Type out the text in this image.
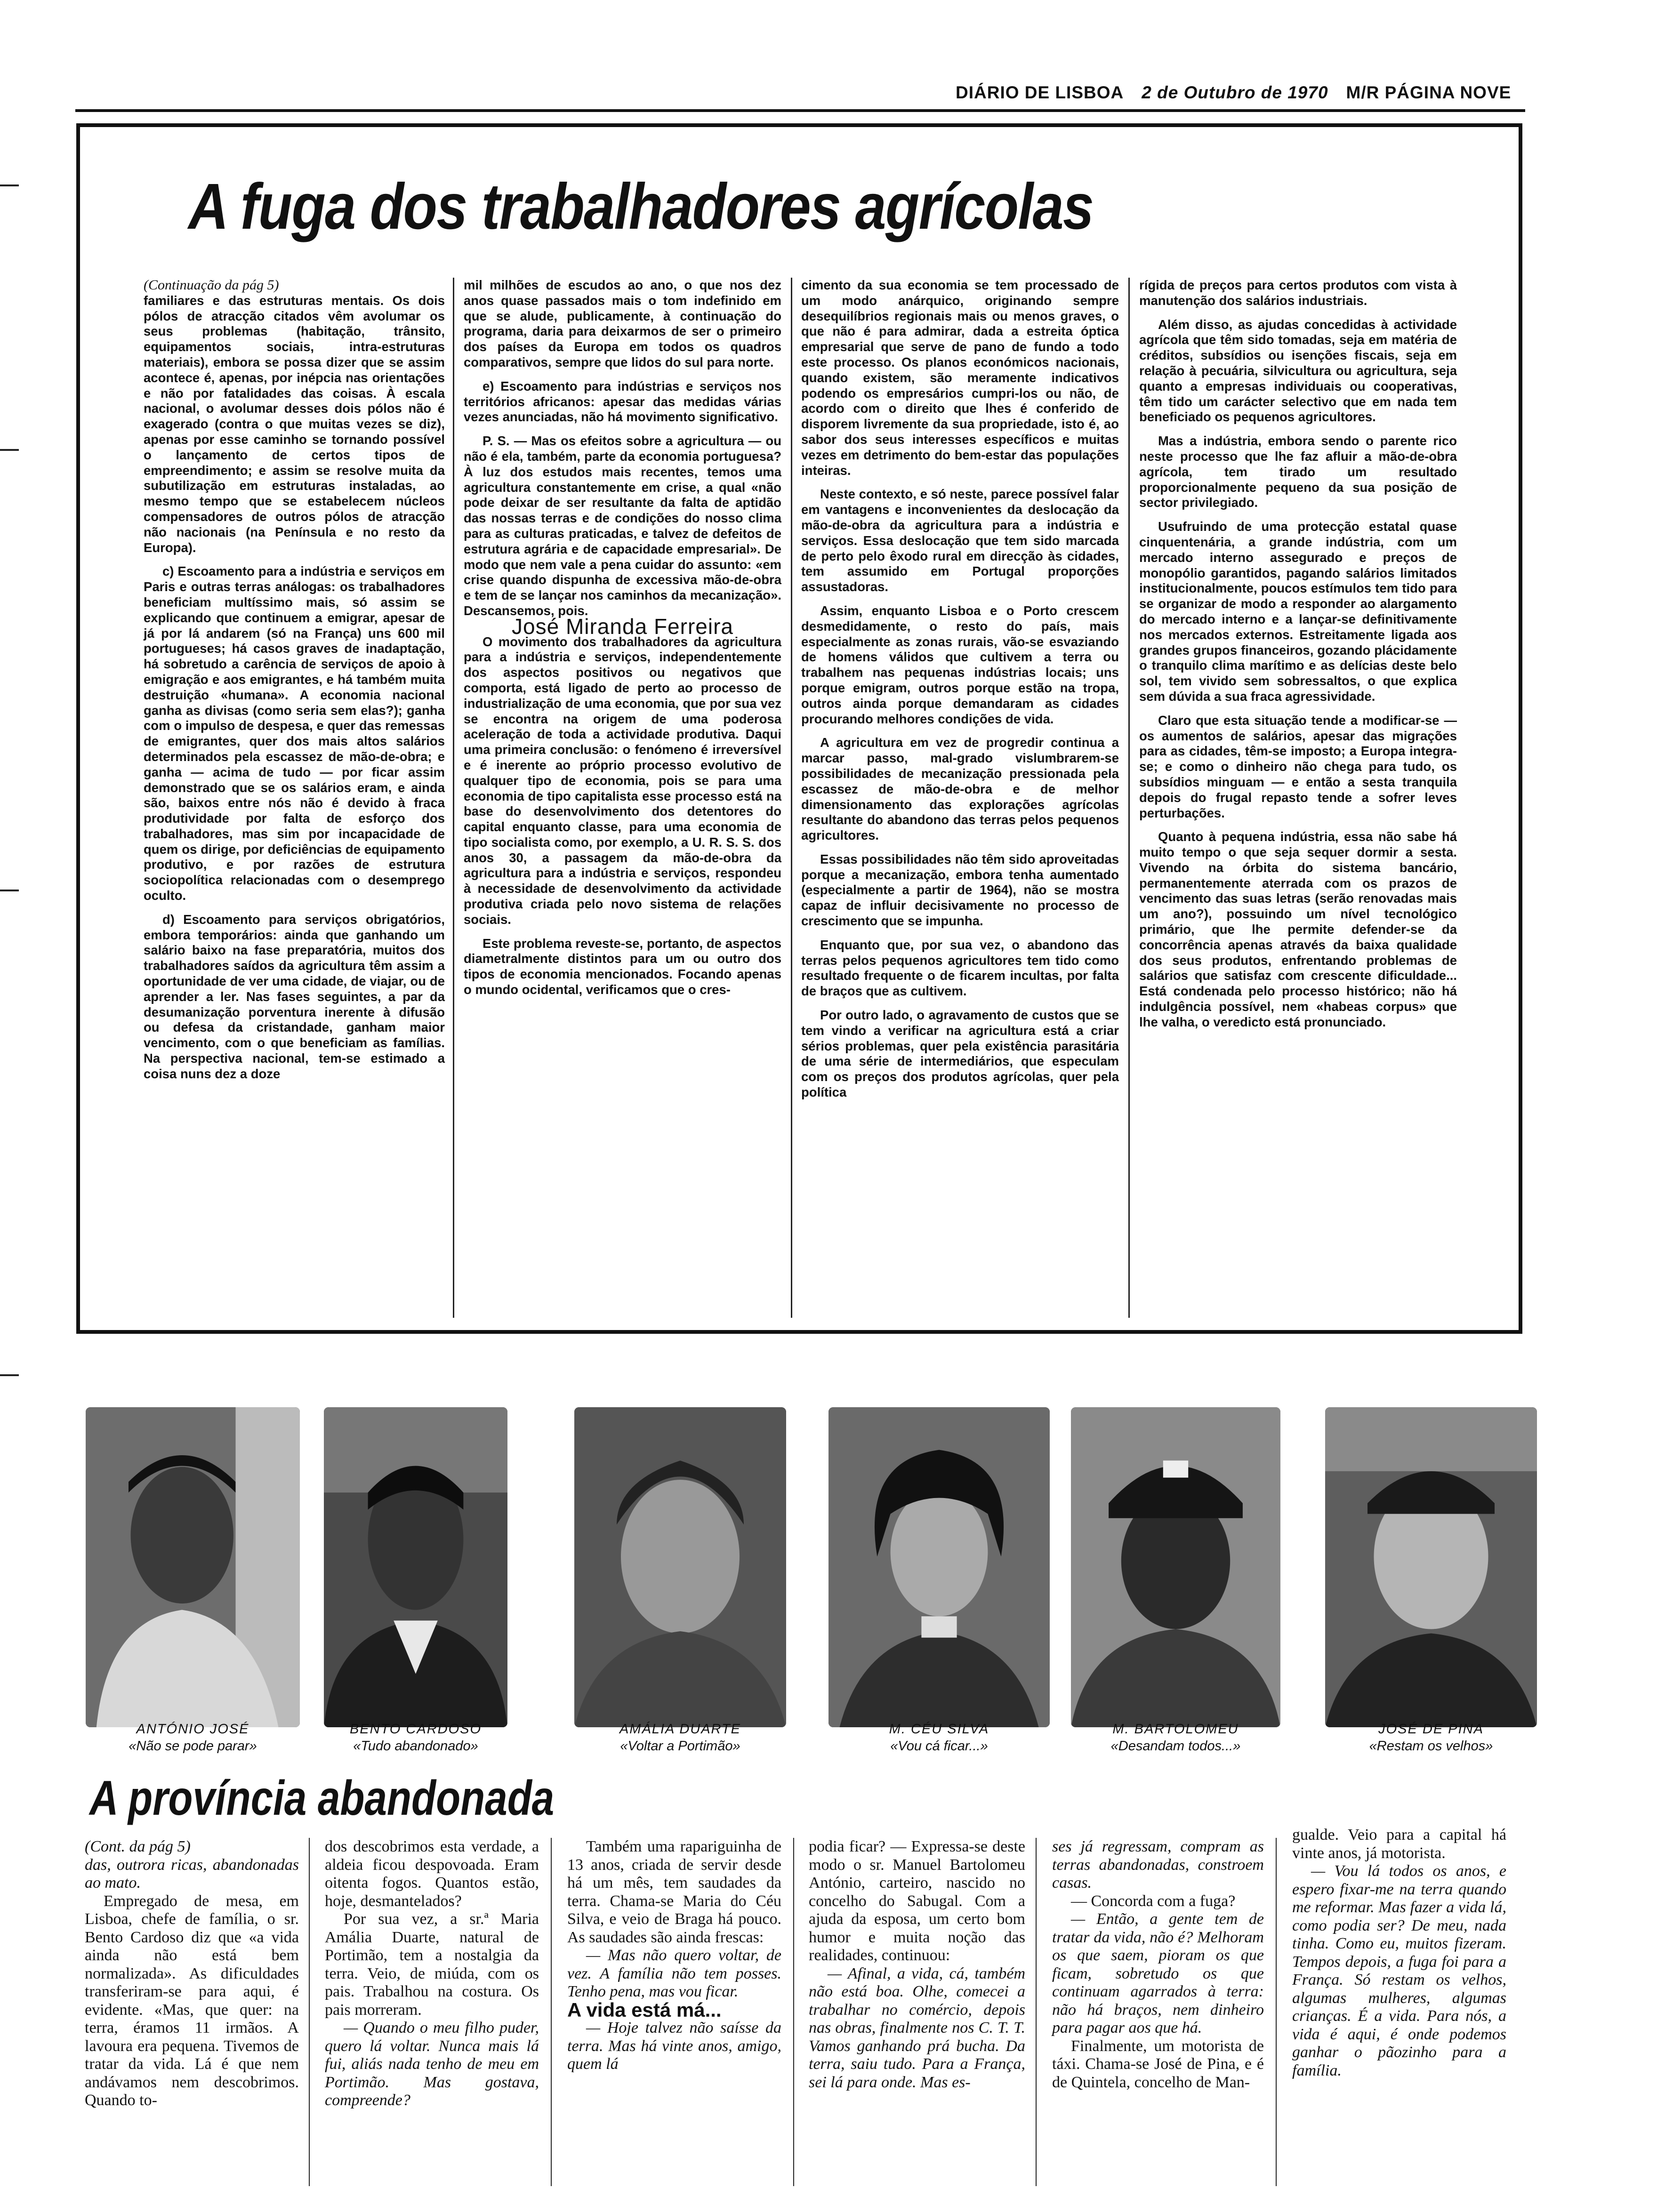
DIÁRIO DE LISBOA 2 de Outubro de 1970 M/R PÁGINA NOVE
A fuga dos trabalhadores agrícolas

(Continuação da pág 5)

familiares e das estruturas mentais. Os dois pólos de atracção citados vêm avolumar os seus problemas (habitação, trânsito, equipamentos sociais, intra-estruturas materiais), embora se possa dizer que se assim acontece é, apenas, por inépcia nas orientações e não por fatalidades das coisas. À escala nacional, o avolumar desses dois pólos não é exagerado (contra o que muitas vezes se diz), apenas por esse caminho se tornando possível o lançamento de certos tipos de empreendimento; e assim se resolve muita da subutilização em estruturas instaladas, ao mesmo tempo que se estabelecem núcleos compensadores de outros pólos de atracção não nacionais (na Península e no resto da Europa).

c) Escoamento para a indústria e serviços em Paris e outras terras análogas: os trabalhadores beneficiam multíssimo mais, só assim se explicando que continuem a emigrar, apesar de já por lá andarem (só na França) uns 600 mil portugueses; há casos graves de inadaptação, há sobretudo a carência de serviços de apoio à emigração e aos emigrantes, e há também muita destruição «humana». A economia nacional ganha as divisas (como seria sem elas?); ganha com o impulso de despesa, e quer das remessas de emigrantes, quer dos mais altos salários determinados pela escassez de mão-de-obra; e ganha — acima de tudo — por ficar assim demonstrado que se os salários eram, e ainda são, baixos entre nós não é devido à fraca produtividade por falta de esforço dos trabalhadores, mas sim por incapacidade de quem os dirige, por deficiências de equipamento produtivo, e por razões de estrutura sociopolítica relacionadas com o desemprego oculto.

d) Escoamento para serviços obrigatórios, embora temporários: ainda que ganhando um salário baixo na fase preparatória, muitos dos trabalhadores saídos da agricultura têm assim a oportunidade de ver uma cidade, de viajar, ou de aprender a ler. Nas fases seguintes, a par da desumanização porventura inerente à difusão ou defesa da cristandade, ganham maior vencimento, com o que beneficiam as famílias. Na perspectiva nacional, tem-se estimado a coisa nuns dez a doze

mil milhões de escudos ao ano, o que nos dez anos quase passados mais o tom indefinido em que se alude, publicamente, à continuação do programa, daria para deixarmos de ser o primeiro dos países da Europa em todos os quadros comparativos, sempre que lidos do sul para norte.

e) Escoamento para indústrias e serviços nos territórios africanos: apesar das medidas várias vezes anunciadas, não há movimento significativo.

P. S. — Mas os efeitos sobre a agricultura — ou não é ela, também, parte da economia portuguesa? À luz dos estudos mais recentes, temos uma agricultura constantemente em crise, a qual «não pode deixar de ser resultante da falta de aptidão das nossas terras e de condições do nosso clima para as culturas praticadas, e talvez de defeitos de estrutura agrária e de capacidade empresarial». De modo que nem vale a pena cuidar do assunto: «em crise quando dispunha de excessiva mão-de-obra e tem de se lançar nos caminhos da mecanização». Descansemos, pois.

José Miranda Ferreira

O movimento dos trabalhadores da agricultura para a indústria e serviços, independentemente dos aspectos positivos ou negativos que comporta, está ligado de perto ao processo de industrialização de uma economia, que por sua vez se encontra na origem de uma poderosa aceleração de toda a actividade produtiva. Daqui uma primeira conclusão: o fenómeno é irreversível e é inerente ao próprio processo evolutivo de qualquer tipo de economia, pois se para uma economia de tipo capitalista esse processo está na base do desenvolvimento dos detentores do capital enquanto classe, para uma economia de tipo socialista como, por exemplo, a U. R. S. S. dos anos 30, a passagem da mão-de-obra da agricultura para a indústria e serviços, respondeu à necessidade de desenvolvimento da actividade produtiva criada pelo novo sistema de relações sociais.

Este problema reveste-se, portanto, de aspectos diametralmente distintos para um ou outro dos tipos de economia mencionados. Focando apenas o mundo ocidental, verificamos que o cres-

cimento da sua economia se tem processado de um modo anárquico, originando sempre desequilíbrios regionais mais ou menos graves, o que não é para admirar, dada a estreita óptica empresarial que serve de pano de fundo a todo este processo. Os planos económicos nacionais, quando existem, são meramente indicativos podendo os empresários cumpri-los ou não, de acordo com o direito que lhes é conferido de disporem livremente da sua propriedade, isto é, ao sabor dos seus interesses específicos e muitas vezes em detrimento do bem-estar das populações inteiras.

Neste contexto, e só neste, parece possível falar em vantagens e inconvenientes da deslocação da mão-de-obra da agricultura para a indústria e serviços. Essa deslocação que tem sido marcada de perto pelo êxodo rural em direcção às cidades, tem assumido em Portugal proporções assustadoras.

Assim, enquanto Lisboa e o Porto crescem desmedidamente, o resto do país, mais especialmente as zonas rurais, vão-se esvaziando de homens válidos que cultivem a terra ou trabalhem nas pequenas indústrias locais; uns porque emigram, outros porque estão na tropa, outros ainda porque demandaram as cidades procurando melhores condições de vida.

A agricultura em vez de progredir continua a marcar passo, mal-grado vislumbrarem-se possibilidades de mecanização pressionada pela escassez de mão-de-obra e de melhor dimensionamento das explorações agrícolas resultante do abandono das terras pelos pequenos agricultores.

Essas possibilidades não têm sido aproveitadas porque a mecanização, embora tenha aumentado (especialmente a partir de 1964), não se mostra capaz de influir decisivamente no processo de crescimento que se impunha.

Enquanto que, por sua vez, o abandono das terras pelos pequenos agricultores tem tido como resultado frequente o de ficarem incultas, por falta de braços que as cultivem.

Por outro lado, o agravamento de custos que se tem vindo a verificar na agricultura está a criar sérios problemas, quer pela existência parasitária de uma série de intermediários, que especulam com os preços dos produtos agrícolas, quer pela política

rígida de preços para certos produtos com vista à manutenção dos salários industriais.

Além disso, as ajudas concedidas à actividade agrícola que têm sido tomadas, seja em matéria de créditos, subsídios ou isenções fiscais, seja em relação à pecuária, silvicultura ou agricultura, seja quanto a empresas individuais ou cooperativas, têm tido um carácter selectivo que em nada tem beneficiado os pequenos agricultores.

Mas a indústria, embora sendo o parente rico neste processo que lhe faz afluir a mão-de-obra agrícola, tem tirado um resultado proporcionalmente pequeno da sua posição de sector privilegiado.

Usufruindo de uma protecção estatal quase cinquentenária, a grande indústria, com um mercado interno assegurado e preços de monopólio garantidos, pagando salários limitados institucionalmente, poucos estímulos tem tido para se organizar de modo a responder ao alargamento do mercado interno e a lançar-se definitivamente nos mercados externos. Estreitamente ligada aos grandes grupos financeiros, gozando plácidamente o tranquilo clima marítimo e as delícias deste belo sol, tem vivido sem sobressaltos, o que explica sem dúvida a sua fraca agressividade.

Claro que esta situação tende a modificar-se — os aumentos de salários, apesar das migrações para as cidades, têm-se imposto; a Europa integra-se; e como o dinheiro não chega para tudo, os subsídios minguam — e então a sesta tranquila depois do frugal repasto tende a sofrer leves perturbações.

Quanto à pequena indústria, essa não sabe há muito tempo o que seja sequer dormir a sesta. Vivendo na órbita do sistema bancário, permanentemente aterrada com os prazos de vencimento das suas letras (serão renovadas mais um ano?), possuindo um nível tecnológico primário, que lhe permite defender-se da concorrência apenas através da baixa qualidade dos seus produtos, enfrentando problemas de salários que satisfaz com crescente dificuldade... Está condenada pelo processo histórico; não há indulgência possível, nem «habeas corpus» que lhe valha, o veredicto está pronunciado.

ANTÓNIO JOSÉ
«Não se pode parar»
BENTO CARDOSO
«Tudo abandonado»
AMÁLIA DUARTE
«Voltar a Portimão»
M. CÉU SILVA
«Vou cá ficar...»
M. BARTOLOMEU
«Desandam todos...»
JOSÉ DE PINA
«Restam os velhos»
A província abandonada

(Cont. da pág 5)

das, outrora ricas, abandonadas ao mato.

Empregado de mesa, em Lisboa, chefe de família, o sr. Bento Cardoso diz que «a vida ainda não está bem normalizada». As dificuldades transferiram-se para aqui, é evidente. «Mas, que quer: na terra, éramos 11 irmãos. A lavoura era pequena. Tivemos de tratar da vida. Lá é que nem andávamos nem descobrimos. Quando to-

dos descobrimos esta verdade, a aldeia ficou despovoada. Eram oitenta fogos. Quantos estão, hoje, desmantelados?

Por sua vez, a sr.ª Maria Amália Duarte, natural de Portimão, tem a nostalgia da terra. Veio, de miúda, com os pais. Trabalhou na costura. Os pais morreram.

— Quando o meu filho puder, quero lá voltar. Nunca mais lá fui, aliás nada tenho de meu em Portimão. Mas gostava, compreende?

Também uma rapariguinha de 13 anos, criada de servir desde há um mês, tem saudades da terra. Chama-se Maria do Céu Silva, e veio de Braga há pouco. As saudades são ainda frescas:

— Mas não quero voltar, de vez. A família não tem posses. Tenho pena, mas vou ficar.

A vida está má...

— Hoje talvez não saísse da terra. Mas há vinte anos, amigo, quem lá

podia ficar? — Expressa-se deste modo o sr. Manuel Bartolomeu António, carteiro, nascido no concelho do Sabugal. Com a ajuda da esposa, um certo bom humor e muita noção das realidades, continuou:

— Afinal, a vida, cá, também não está boa. Olhe, comecei a trabalhar no comércio, depois nas obras, finalmente nos C. T. T. Vamos ganhando prá bucha. Da terra, saiu tudo. Para a França, sei lá para onde. Mas es-

ses já regressam, compram as terras abandonadas, constroem casas.

— Concorda com a fuga?

— Então, a gente tem de tratar da vida, não é? Melhoram os que saem, pioram os que ficam, sobretudo os que continuam agarrados à terra: não há braços, nem dinheiro para pagar aos que há.

Finalmente, um motorista de táxi. Chama-se José de Pina, e é de Quintela, concelho de Man-

gualde. Veio para a capital há vinte anos, já motorista.

— Vou lá todos os anos, e espero fixar-me na terra quando me reformar. Mas fazer a vida lá, como podia ser? De meu, nada tinha. Como eu, muitos fizeram. Tempos depois, a fuga foi para a França. Só restam os velhos, algumas mulheres, algumas crianças. É a vida. Para nós, a vida é aqui, é onde podemos ganhar o pãozinho para a família.
